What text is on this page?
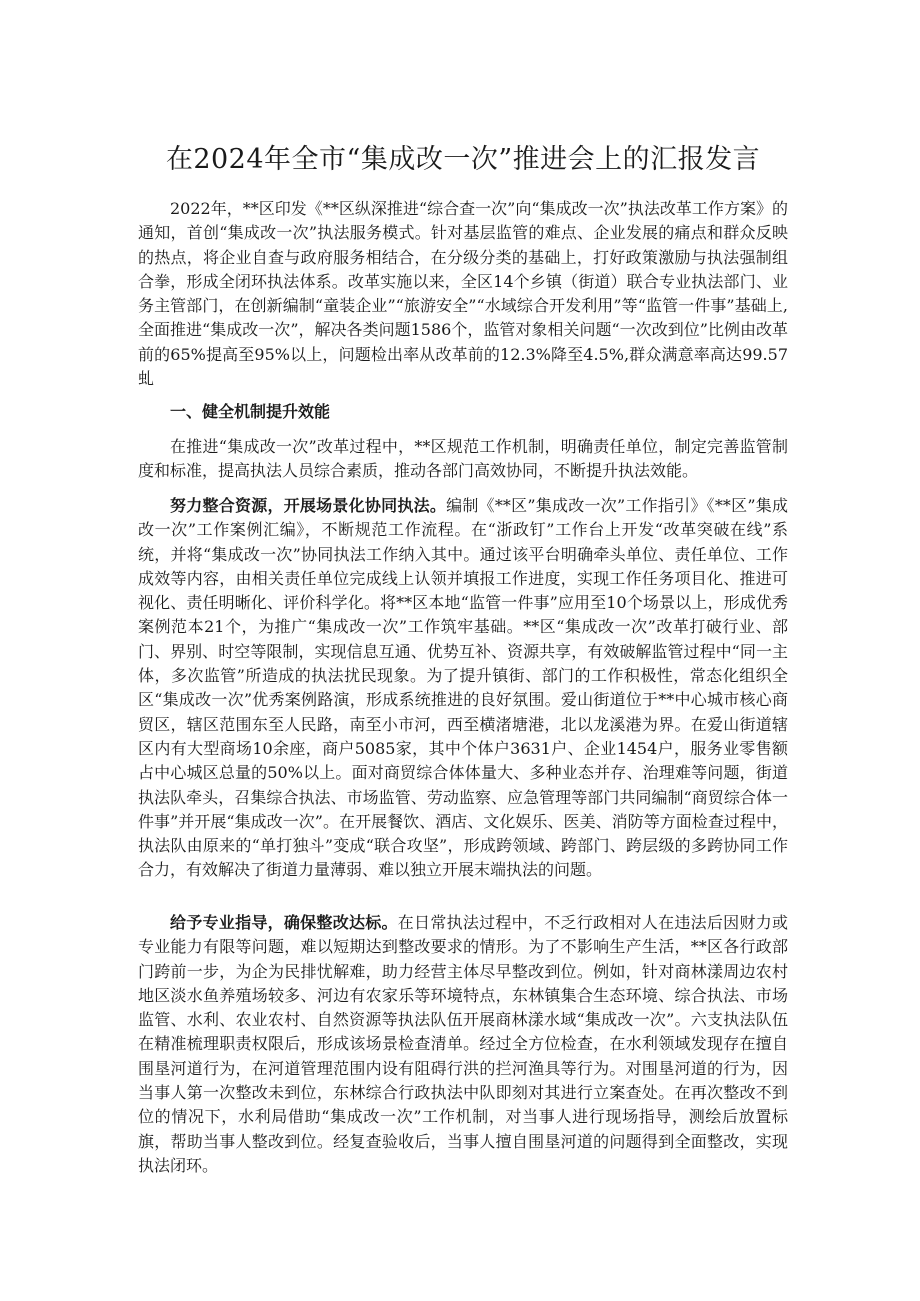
在2024年全市“集成改一次”推进会上的汇报发言

2022年，**区印发《**区纵深推进“综合查一次”向“集成改一次”执法改革工作方案》的通知，首创“集成改一次”执法服务模式。针对基层监管的难点、企业发展的痛点和群众反映的热点，将企业自查与政府服务相结合，在分级分类的基础上，打好政策激励与执法强制组合拳，形成全闭环执法体系。改革实施以来，全区14个乡镇（街道）联合专业执法部门、业务主管部门，在创新编制“童装企业”“旅游安全”“水域综合开发利用”等“监管一件事”基础上,全面推进“集成改一次”，解决各类问题1586个，监管对象相关问题“一次改到位”比例由改革前的65%提高至95%以上，问题检出率从改革前的12.3%降至4.5%,群众满意率高达99.57虬

一、健全机制提升效能

在推进“集成改一次”改革过程中，**区规范工作机制，明确责任单位，制定完善监管制度和标准，提高执法人员综合素质，推动各部门高效协同，不断提升执法效能。

努力整合资源，开展场景化协同执法。编制《**区”集成改一次”工作指引》《**区”集成改一次”工作案例汇编》，不断规范工作流程。在“浙政钉”工作台上开发“改革突破在线”系统，并将“集成改一次”协同执法工作纳入其中。通过该平台明确牵头单位、责任单位、工作成效等内容，由相关责任单位完成线上认领并填报工作进度，实现工作任务项目化、推进可视化、责任明晰化、评价科学化。将**区本地“监管一件事”应用至10个场景以上，形成优秀案例范本21个，为推广“集成改一次”工作筑牢基础。**区“集成改一次”改革打破行业、部门、界别、时空等限制，实现信息互通、优势互补、资源共享，有效破解监管过程中“同一主体，多次监管”所造成的执法扰民现象。为了提升镇街、部门的工作积极性，常态化组织全区“集成改一次”优秀案例路演，形成系统推进的良好氛围。爱山街道位于**中心城市核心商贸区，辖区范围东至人民路，南至小市河，西至横渚塘港，北以龙溪港为界。在爱山街道辖区内有大型商场10余座，商户5085家，其中个体户3631户、企业1454户，服务业零售额占中心城区总量的50%以上。面对商贸综合体体量大、多种业态并存、治理难等问题，街道执法队牵头，召集综合执法、市场监管、劳动监察、应急管理等部门共同编制“商贸综合体一件事”并开展“集成改一次”。在开展餐饮、酒店、文化娱乐、医美、消防等方面检查过程中，执法队由原来的“单打独斗”变成“联合攻坚”，形成跨领域、跨部门、跨层级的多跨协同工作合力，有效解决了街道力量薄弱、难以独立开展末端执法的问题。

给予专业指导，确保整改达标。在日常执法过程中，不乏行政相对人在违法后因财力或专业能力有限等问题，难以短期达到整改要求的情形。为了不影响生产生活，**区各行政部门跨前一步，为企为民排忧解难，助力经营主体尽早整改到位。例如，针对商林漾周边农村地区淡水鱼养殖场较多、河边有农家乐等环境特点，东林镇集合生态环境、综合执法、市场监管、水利、农业农村、自然资源等执法队伍开展商林漾水域“集成改一次”。六支执法队伍在精准梳理职责权限后，形成该场景检查清单。经过全方位检查，在水利领域发现存在擅自围垦河道行为，在河道管理范围内设有阻碍行洪的拦河渔具等行为。对围垦河道的行为，因当事人第一次整改未到位，东林综合行政执法中队即刻对其进行立案查处。在再次整改不到位的情况下，水利局借助“集成改一次”工作机制，对当事人进行现场指导，测绘后放置标旗，帮助当事人整改到位。经复查验收后，当事人擅自围垦河道的问题得到全面整改，实现执法闭环。
